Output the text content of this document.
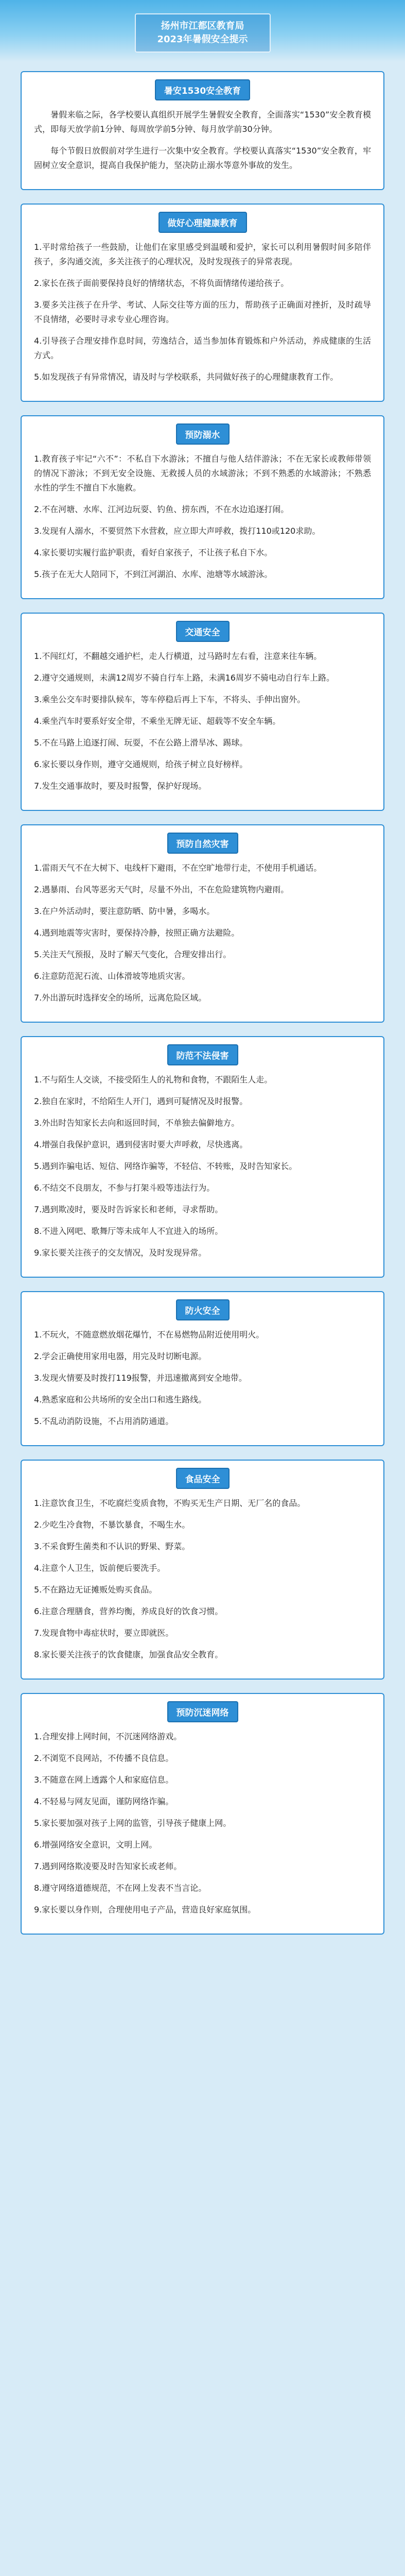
扬州市江都区教育局
2023年暑假安全提示
暑安1530安全教育

暑假来临之际，各学校要认真组织开展学生暑假安全教育，全面落实“1530”安全教育模式，即每天放学前1分钟、每周放学前5分钟、每月放学前30分钟。

每个节假日放假前对学生进行一次集中安全教育。学校要认真落实“1530”安全教育，牢固树立安全意识，提高自我保护能力，坚决防止溺水等意外事故的发生。

做好心理健康教育

1.平时常给孩子一些鼓励，让他们在家里感受到温暖和爱护，家长可以利用暑假时间多陪伴孩子，多沟通交流，多关注孩子的心理状况，及时发现孩子的异常表现。

2.家长在孩子面前要保持良好的情绪状态，不将负面情绪传递给孩子。

3.要多关注孩子在升学、考试、人际交往等方面的压力，帮助孩子正确面对挫折，及时疏导不良情绪，必要时寻求专业心理咨询。

4.引导孩子合理安排作息时间，劳逸结合，适当参加体育锻炼和户外活动，养成健康的生活方式。

5.如发现孩子有异常情况，请及时与学校联系，共同做好孩子的心理健康教育工作。

预防溺水

1.教育孩子牢记“六不”：不私自下水游泳；不擅自与他人结伴游泳；不在无家长或教师带领的情况下游泳；不到无安全设施、无救援人员的水域游泳；不到不熟悉的水域游泳；不熟悉水性的学生不擅自下水施救。

2.不在河塘、水库、江河边玩耍、钓鱼、捞东西，不在水边追逐打闹。

3.发现有人溺水，不要贸然下水营救，应立即大声呼救，拨打110或120求助。

4.家长要切实履行监护职责，看好自家孩子，不让孩子私自下水。

5.孩子在无大人陪同下，不到江河湖泊、水库、池塘等水域游泳。

交通安全

1.不闯红灯，不翻越交通护栏，走人行横道，过马路时左右看，注意来往车辆。

2.遵守交通规则，未满12周岁不骑自行车上路，未满16周岁不骑电动自行车上路。

3.乘坐公交车时要排队候车，等车停稳后再上下车，不将头、手伸出窗外。

4.乘坐汽车时要系好安全带，不乘坐无牌无证、超载等不安全车辆。

5.不在马路上追逐打闹、玩耍，不在公路上滑旱冰、踢球。

6.家长要以身作则，遵守交通规则，给孩子树立良好榜样。

7.发生交通事故时，要及时报警，保护好现场。

预防自然灾害

1.雷雨天气不在大树下、电线杆下避雨，不在空旷地带行走，不使用手机通话。

2.遇暴雨、台风等恶劣天气时，尽量不外出，不在危险建筑物内避雨。

3.在户外活动时，要注意防晒、防中暑，多喝水。

4.遇到地震等灾害时，要保持冷静，按照正确方法避险。

5.关注天气预报，及时了解天气变化，合理安排出行。

6.注意防范泥石流、山体滑坡等地质灾害。

7.外出游玩时选择安全的场所，远离危险区域。

防范不法侵害

1.不与陌生人交谈，不接受陌生人的礼物和食物，不跟陌生人走。

2.独自在家时，不给陌生人开门，遇到可疑情况及时报警。

3.外出时告知家长去向和返回时间，不单独去偏僻地方。

4.增强自我保护意识，遇到侵害时要大声呼救，尽快逃离。

5.遇到诈骗电话、短信、网络诈骗等，不轻信、不转账，及时告知家长。

6.不结交不良朋友，不参与打架斗殴等违法行为。

7.遇到欺凌时，要及时告诉家长和老师，寻求帮助。

8.不进入网吧、歌舞厅等未成年人不宜进入的场所。

9.家长要关注孩子的交友情况，及时发现异常。

防火安全

1.不玩火，不随意燃放烟花爆竹，不在易燃物品附近使用明火。

2.学会正确使用家用电器，用完及时切断电源。

3.发现火情要及时拨打119报警，并迅速撤离到安全地带。

4.熟悉家庭和公共场所的安全出口和逃生路线。

5.不乱动消防设施，不占用消防通道。

食品安全

1.注意饮食卫生，不吃腐烂变质食物，不购买无生产日期、无厂名的食品。

2.少吃生冷食物，不暴饮暴食，不喝生水。

3.不采食野生菌类和不认识的野果、野菜。

4.注意个人卫生，饭前便后要洗手。

5.不在路边无证摊贩处购买食品。

6.注意合理膳食，营养均衡，养成良好的饮食习惯。

7.发现食物中毒症状时，要立即就医。

8.家长要关注孩子的饮食健康，加强食品安全教育。

预防沉迷网络

1.合理安排上网时间，不沉迷网络游戏。

2.不浏览不良网站，不传播不良信息。

3.不随意在网上透露个人和家庭信息。

4.不轻易与网友见面，谨防网络诈骗。

5.家长要加强对孩子上网的监管，引导孩子健康上网。

6.增强网络安全意识，文明上网。

7.遇到网络欺凌要及时告知家长或老师。

8.遵守网络道德规范，不在网上发表不当言论。

9.家长要以身作则，合理使用电子产品，营造良好家庭氛围。
